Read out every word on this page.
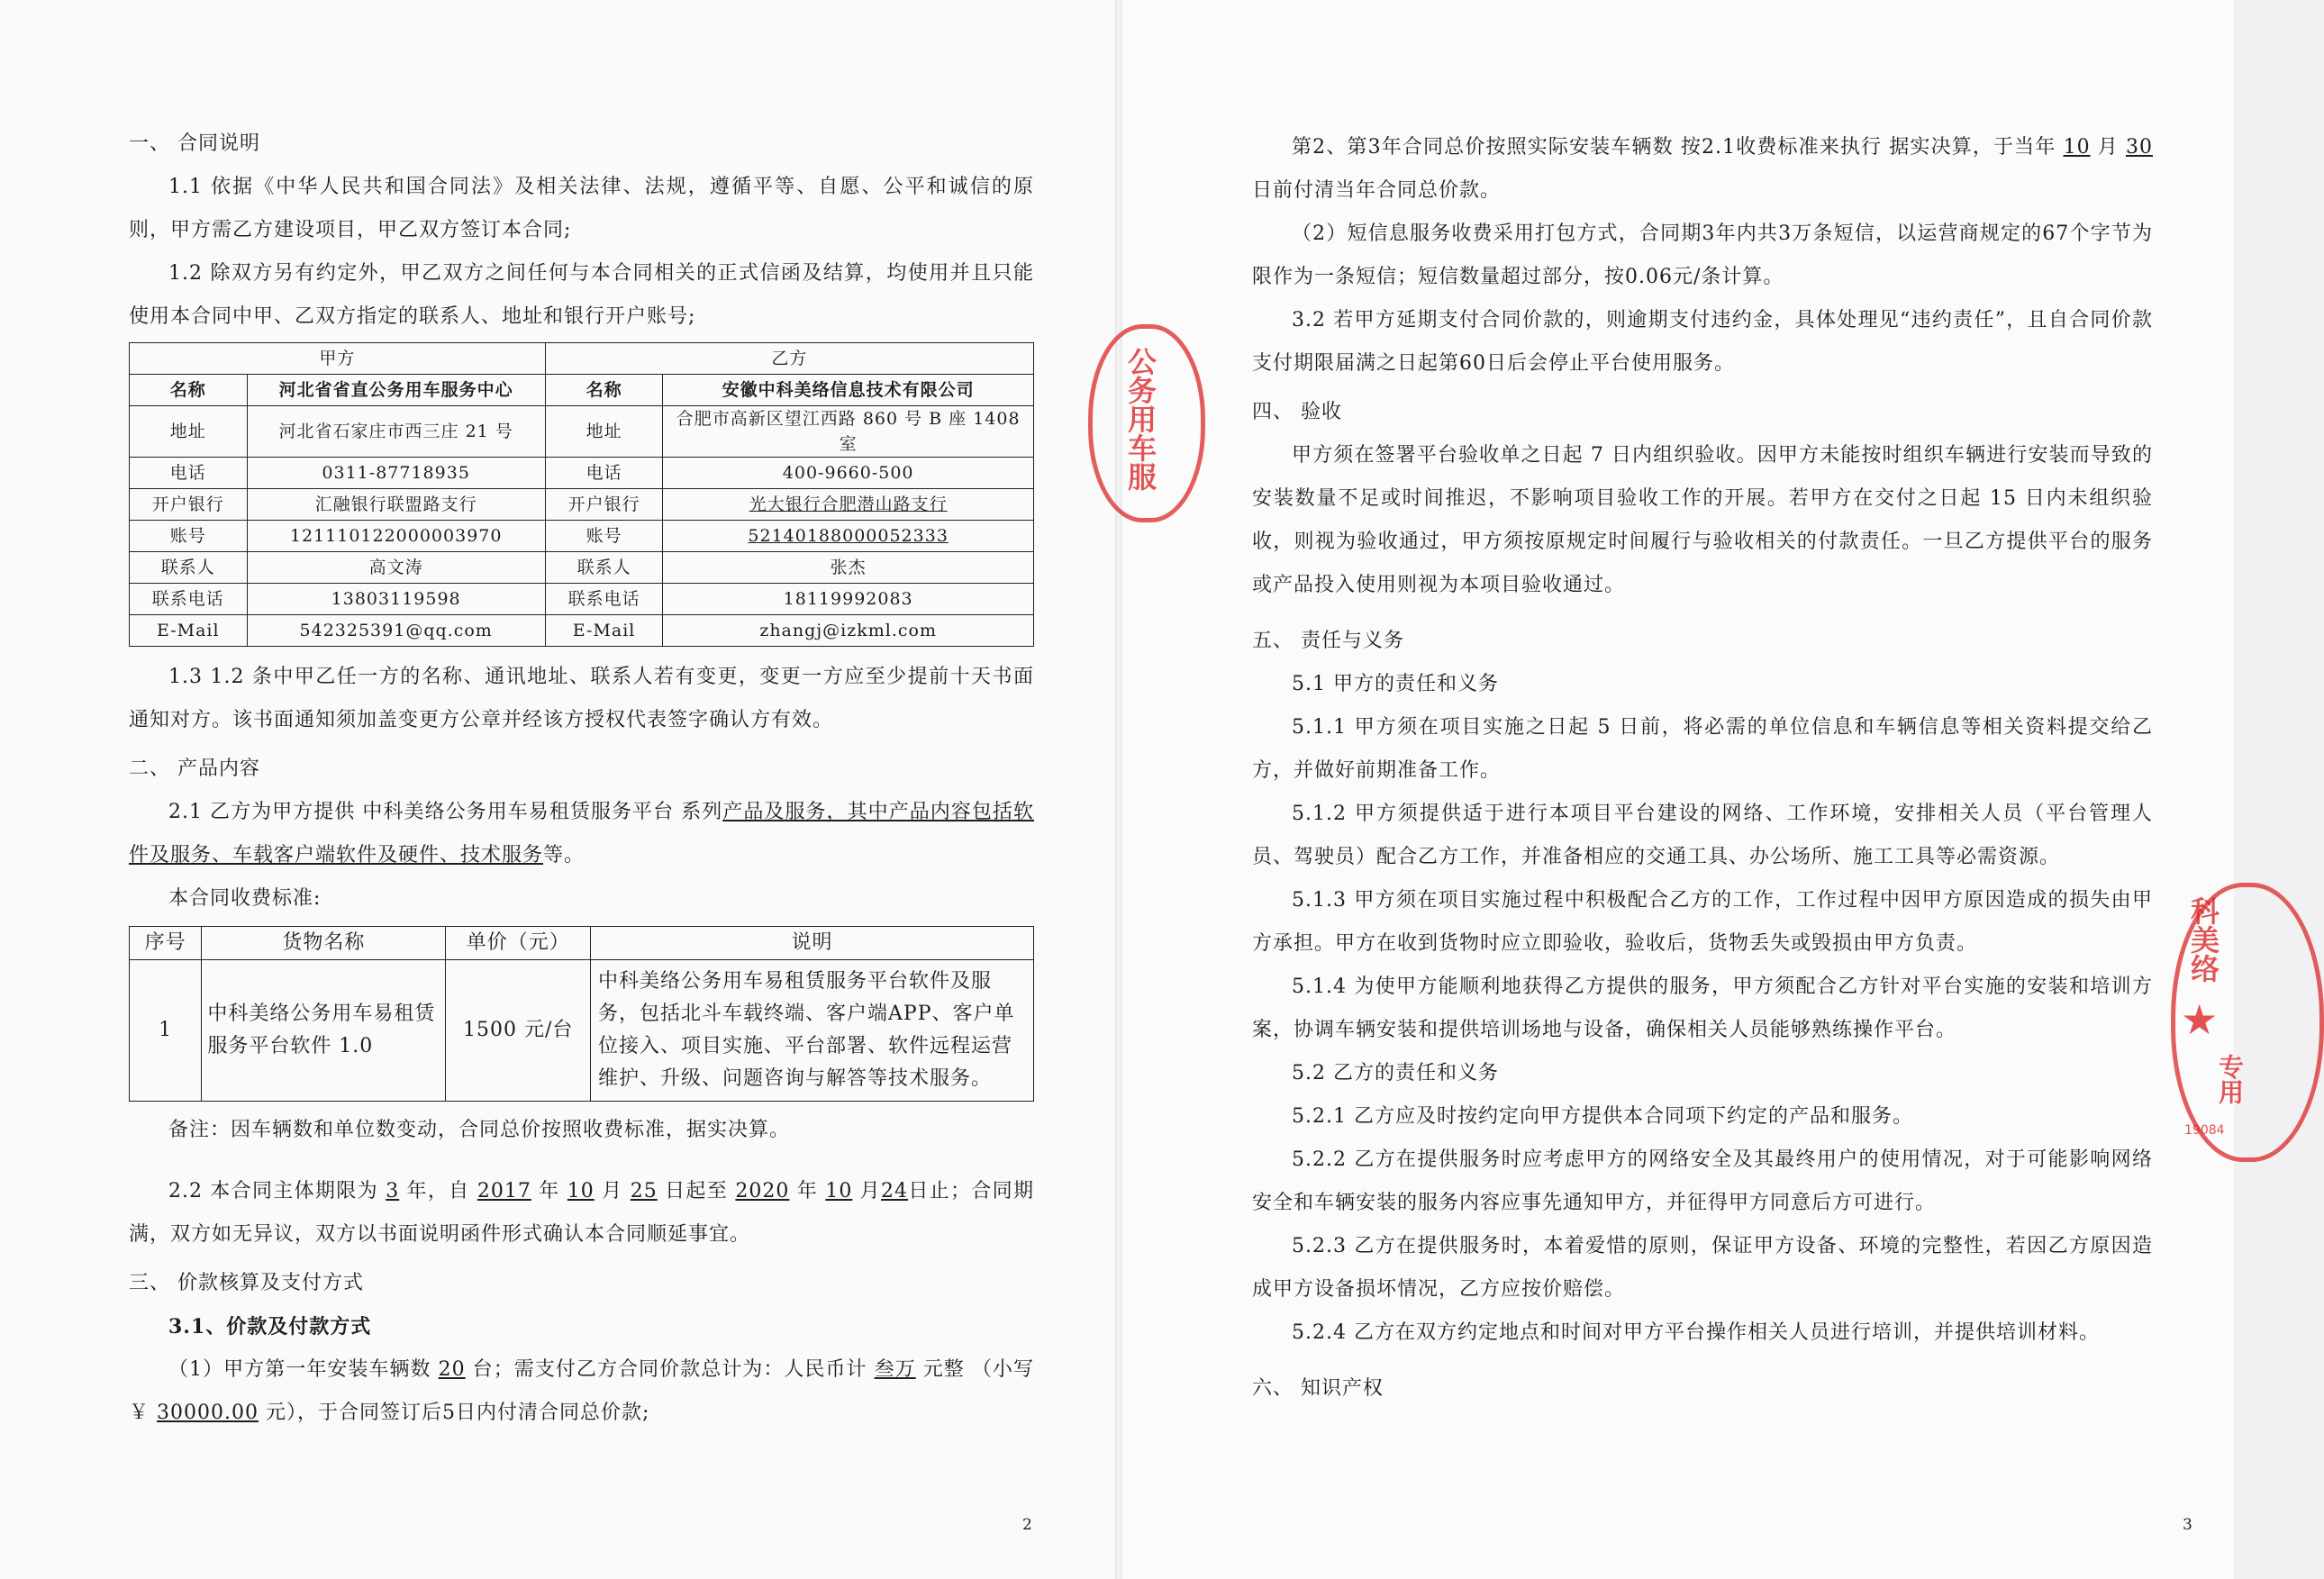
一、 合同说明

1.1 依据《中华人民共和国合同法》及相关法律、法规，遵循平等、自愿、公平和诚信的原则，甲方需乙方建设项目，甲乙双方签订本合同;

1.2 除双方另有约定外，甲乙双方之间任何与本合同相关的正式信函及结算，均使用并且只能使用本合同中甲、乙双方指定的联系人、地址和银行开户账号;

甲方		乙方	
名称	河北省省直公务用车服务中心	名称	安徽中科美络信息技术有限公司
地址	河北省石家庄市西三庄 21 号	地址	合肥市高新区望江西路 860 号 B 座 1408 室
电话	0311-87718935	电话	400-9660-500
开户银行	汇融银行联盟路支行	开户银行	光大银行合肥潜山路支行
账号	121110122000003970	账号	52140188000052333
联系人	高文涛	联系人	张杰
联系电话	13803119598	联系电话	18119992083
E-Mail	542325391@qq.com	E-Mail	zhangj@izkml.com

1.3 1.2 条中甲乙任一方的名称、通讯地址、联系人若有变更，变更一方应至少提前十天书面通知对方。该书面通知须加盖变更方公章并经该方授权代表签字确认方有效。

二、 产品内容

2.1 乙方为甲方提供 中科美络公务用车易租赁服务平台 系列产品及服务，其中产品内容包括软件及服务、车载客户端软件及硬件、技术服务等。

本合同收费标准:

序号	货物名称	单价（元）	说明
1	中科美络公务用车易租赁服务平台软件 1.0	1500 元/台	中科美络公务用车易租赁服务平台软件及服务，包括北斗车载终端、客户端APP、客户单位接入、项目实施、平台部署、软件远程运营维护、升级、问题咨询与解答等技术服务。

备注：因车辆数和单位数变动，合同总价按照收费标准，据实决算。

2.2 本合同主体期限为 3 年，自 2017 年 10 月 25 日起至 2020 年 10 月24日止；合同期满，双方如无异议，双方以书面说明函件形式确认本合同顺延事宜。

三、 价款核算及支付方式

3.1、价款及付款方式

（1）甲方第一年安装车辆数 20 台；需支付乙方合同价款总计为：人民币计 叁万 元整 （小写￥ 30000.00 元），于合同签订后5日内付清合同总价款;

2

第2、第3年合同总价按照实际安装车辆数 按2.1收费标准来执行 据实决算，于当年 10 月 30 日前付清当年合同总价款。

（2）短信息服务收费采用打包方式，合同期3年内共3万条短信，以运营商规定的67个字节为限作为一条短信；短信数量超过部分，按0.06元/条计算。

3.2 若甲方延期支付合同价款的，则逾期支付违约金，具体处理见“违约责任”，且自合同价款支付期限届满之日起第60日后会停止平台使用服务。

四、 验收

甲方须在签署平台验收单之日起 7 日内组织验收。因甲方未能按时组织车辆进行安装而导致的安装数量不足或时间推迟，不影响项目验收工作的开展。若甲方在交付之日起 15 日内未组织验收，则视为验收通过，甲方须按原规定时间履行与验收相关的付款责任。一旦乙方提供平台的服务或产品投入使用则视为本项目验收通过。

五、 责任与义务

5.1 甲方的责任和义务

5.1.1 甲方须在项目实施之日起 5 日前，将必需的单位信息和车辆信息等相关资料提交给乙方，并做好前期准备工作。

5.1.2 甲方须提供适于进行本项目平台建设的网络、工作环境，安排相关人员（平台管理人员、驾驶员）配合乙方工作，并准备相应的交通工具、办公场所、施工工具等必需资源。

5.1.3 甲方须在项目实施过程中积极配合乙方的工作，工作过程中因甲方原因造成的损失由甲方承担。甲方在收到货物时应立即验收，验收后，货物丢失或毁损由甲方负责。

5.1.4 为使甲方能顺利地获得乙方提供的服务，甲方须配合乙方针对平台实施的安装和培训方案，协调车辆安装和提供培训场地与设备，确保相关人员能够熟练操作平台。

5.2 乙方的责任和义务

5.2.1 乙方应及时按约定向甲方提供本合同项下约定的产品和服务。

5.2.2 乙方在提供服务时应考虑甲方的网络安全及其最终用户的使用情况，对于可能影响网络安全和车辆安装的服务内容应事先通知甲方，并征得甲方同意后方可进行。

5.2.3 乙方在提供服务时，本着爱惜的原则，保证甲方设备、环境的完整性，若因乙方原因造成甲方设备损坏情况，乙方应按价赔偿。

5.2.4 乙方在双方约定地点和时间对甲方平台操作相关人员进行培训，并提供培训材料。

六、 知识产权

3
公务用车服
科美络
★
专用
19084
